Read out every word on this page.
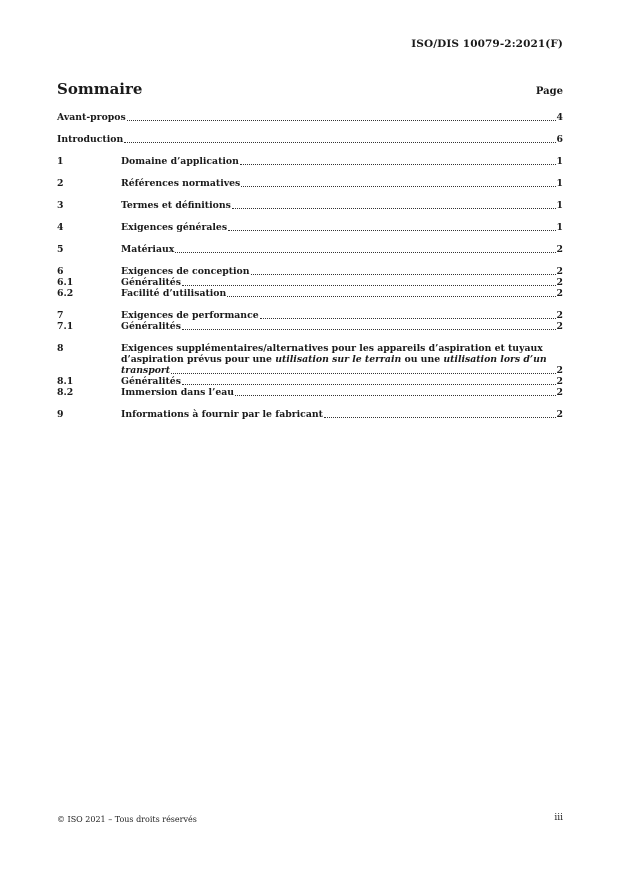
ISO/DIS 10079-2:2021(F)
Sommaire	Page
Avant-propos	4
Introduction	6
1	Domaine d’application	1
2	Références normatives	1
3	Termes et définitions	1
4	Exigences générales	1
5	Matériaux	2
6	Exigences de conception	2
6.1	Généralités	2
6.2	Facilité d’utilisation	2
7	Exigences de performance	2
7.1	Généralités	2
8	Exigences supplémentaires/alternatives pour les appareils d’aspiration et tuyaux
d’aspiration prévus pour une utilisation sur le terrain ou une utilisation lors d’un
transport	2
8.1	Généralités	2
8.2	Immersion dans l’eau	2
9	Informations à fournir par le fabricant	2
© ISO 2021 – Tous droits réservés	iii
